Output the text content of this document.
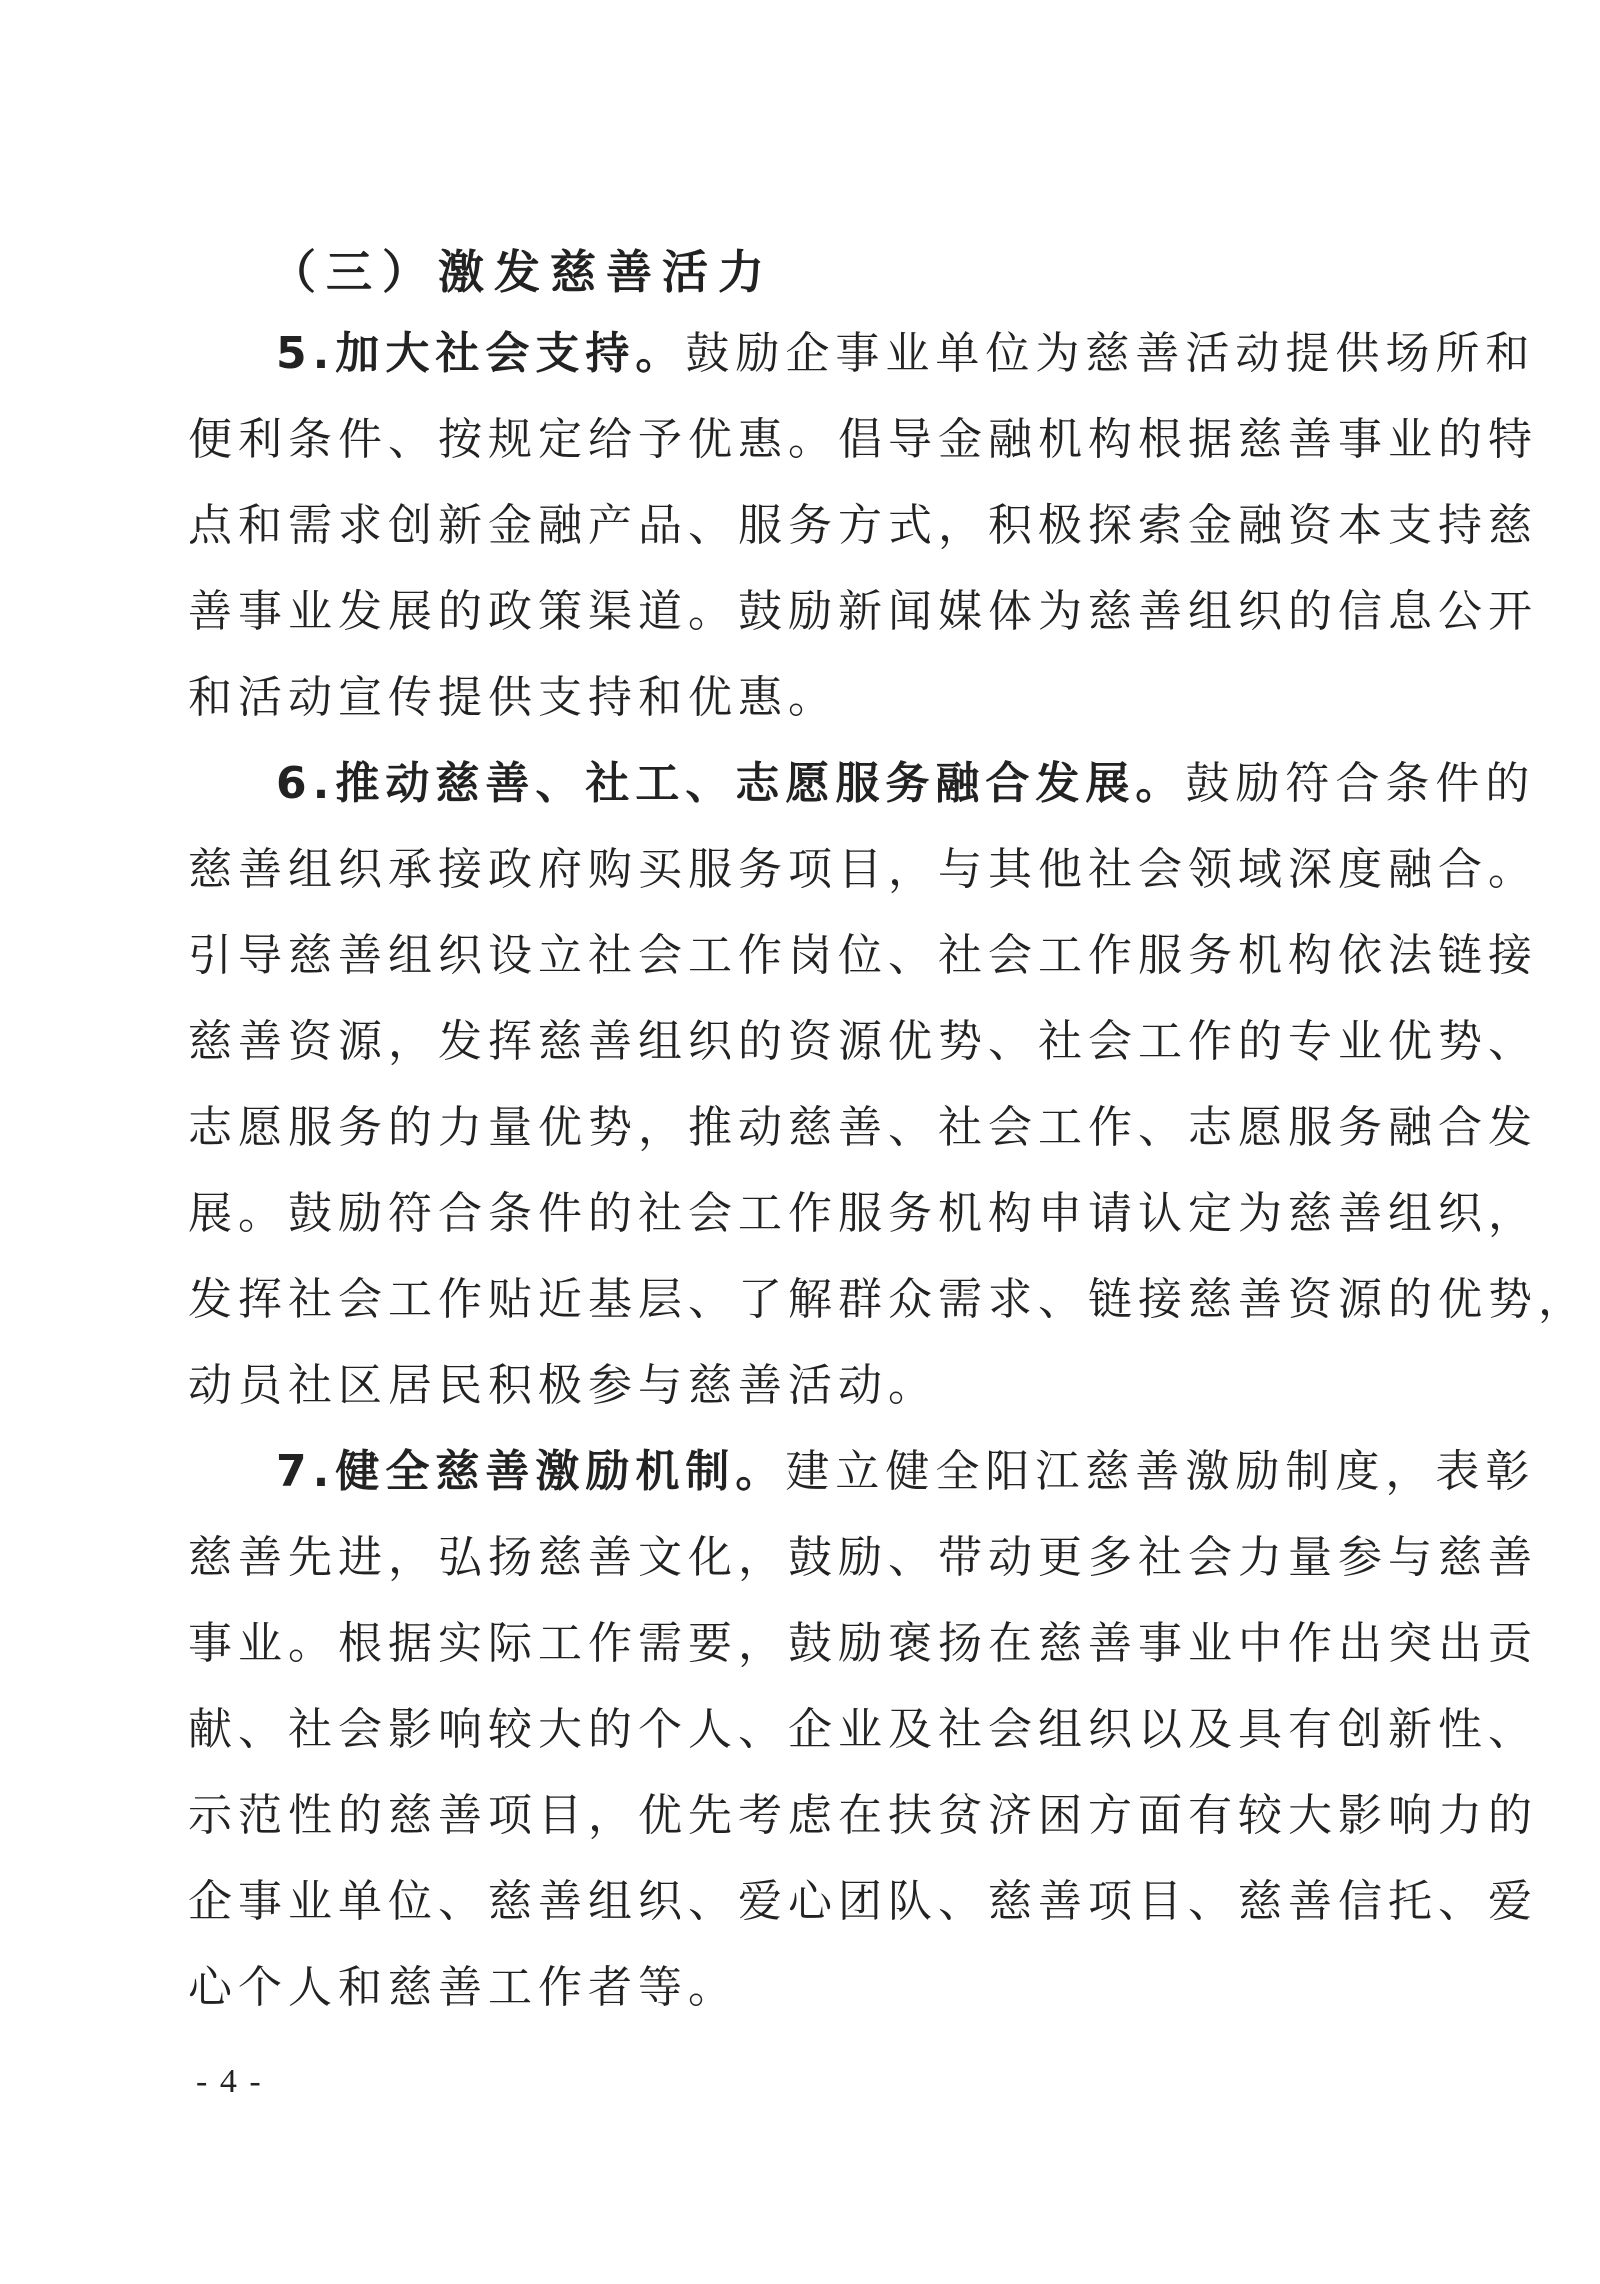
（三）激发慈善活力
5.加大社会支持。鼓励企事业单位为慈善活动提供场所和
便利条件、按规定给予优惠。倡导金融机构根据慈善事业的特
点和需求创新金融产品、服务方式，积极探索金融资本支持慈
善事业发展的政策渠道。鼓励新闻媒体为慈善组织的信息公开
和活动宣传提供支持和优惠。
6.推动慈善、社工、志愿服务融合发展。鼓励符合条件的
慈善组织承接政府购买服务项目，与其他社会领域深度融合。
引导慈善组织设立社会工作岗位、社会工作服务机构依法链接
慈善资源，发挥慈善组织的资源优势、社会工作的专业优势、
志愿服务的力量优势，推动慈善、社会工作、志愿服务融合发
展。鼓励符合条件的社会工作服务机构申请认定为慈善组织，
发挥社会工作贴近基层、了解群众需求、链接慈善资源的优势，
动员社区居民积极参与慈善活动。
7.健全慈善激励机制。建立健全阳江慈善激励制度，表彰
慈善先进，弘扬慈善文化，鼓励、带动更多社会力量参与慈善
事业。根据实际工作需要，鼓励褒扬在慈善事业中作出突出贡
献、社会影响较大的个人、企业及社会组织以及具有创新性、
示范性的慈善项目，优先考虑在扶贫济困方面有较大影响力的
企事业单位、慈善组织、爱心团队、慈善项目、慈善信托、爱
心个人和慈善工作者等。
- 4 -
